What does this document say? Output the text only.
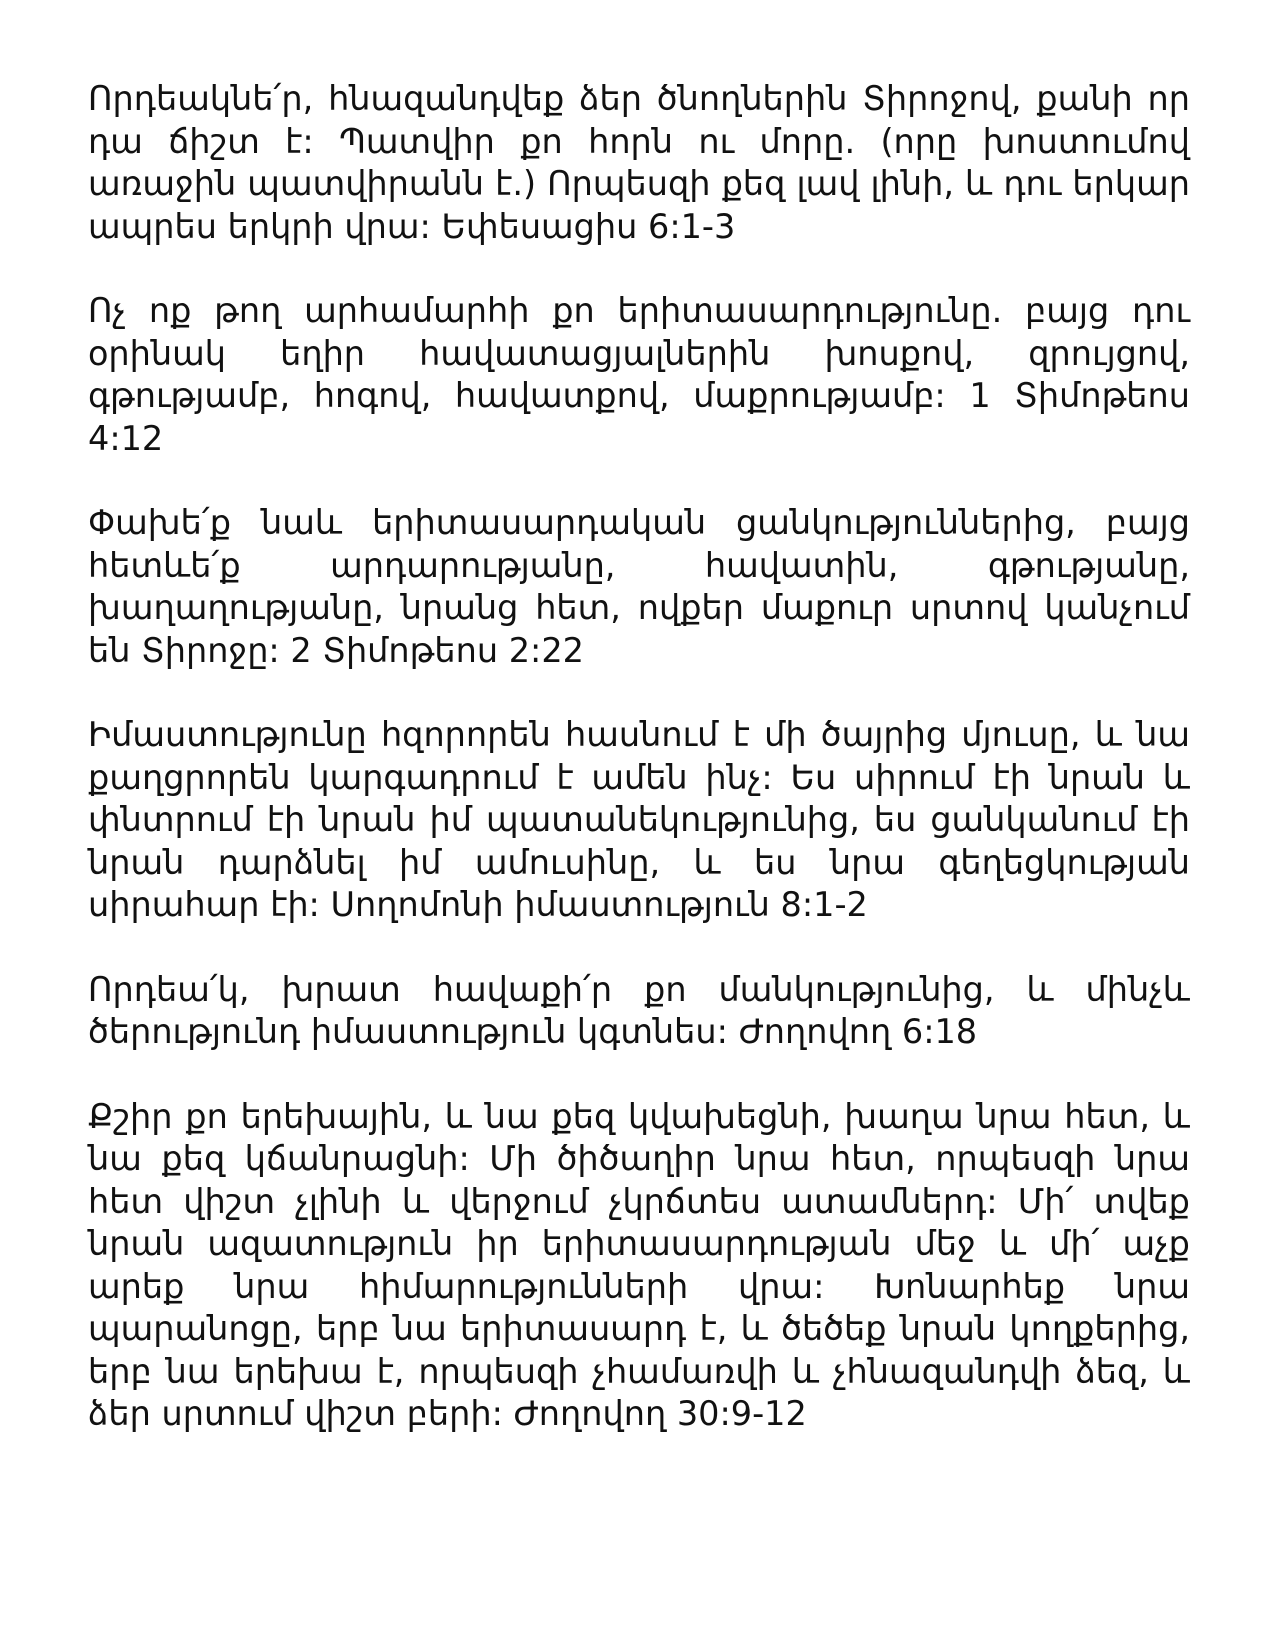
Որդեակնե՛ր, հնազանդվեք ձեր ծնողներին Տիրոջով, քանի որ դա ճիշտ է: Պատվիր քո հորն ու մորը. (որը խոստումով առաջին պատվիրանն է.) Որպեսզի քեզ լավ լինի, և դու երկար ապրես երկրի վրա: Եփեսացիս 6:1-3

Ոչ ոք թող արհամարհի քո երիտասարդությունը. բայց դու օրինակ եղիր հավատացյալներին խոսքով, զրույցով, գթությամբ, հոգով, հավատքով, մաքրությամբ: 1 Տիմոթեոս 4:12

Փախե՛ք նաև երիտասարդական ցանկություններից, բայց հետևե՛ք արդարությանը, հավատին, գթությանը, խաղաղությանը, նրանց հետ, ովքեր մաքուր սրտով կանչում են Տիրոջը: 2 Տիմոթեոս 2:22

Իմաստությունը հզորորեն հասնում է մի ծայրից մյուսը, և նա քաղցրորեն կարգադրում է ամեն ինչ: Ես սիրում էի նրան և փնտրում էի նրան իմ պատանեկությունից, ես ցանկանում էի նրան դարձնել իմ ամուսինը, և ես նրա գեղեցկության սիրահար էի: Սողոմոնի իմաստություն 8:1-2

Որդեա՛կ, խրատ հավաքի՛ր քո մանկությունից, և մինչև ծերությունդ իմաստություն կգտնես: Ժողովող 6:18

Քշիր քո երեխային, և նա քեզ կվախեցնի, խաղա նրա հետ, և նա քեզ կճանրացնի: Մի ծիծաղիր նրա հետ, որպեսզի նրա հետ վիշտ չլինի և վերջում չկրճտես ատամներդ: Մի՛ տվեք նրան ազատություն իր երիտասարդության մեջ և մի՛ աչք արեք նրա հիմարությունների վրա: Խոնարհեք նրա պարանոցը, երբ նա երիտասարդ է, և ծեծեք նրան կողքերից, երբ նա երեխա է, որպեսզի չհամառվի և չհնազանդվի ձեզ, և ձեր սրտում վիշտ բերի: Ժողովող 30:9-12
